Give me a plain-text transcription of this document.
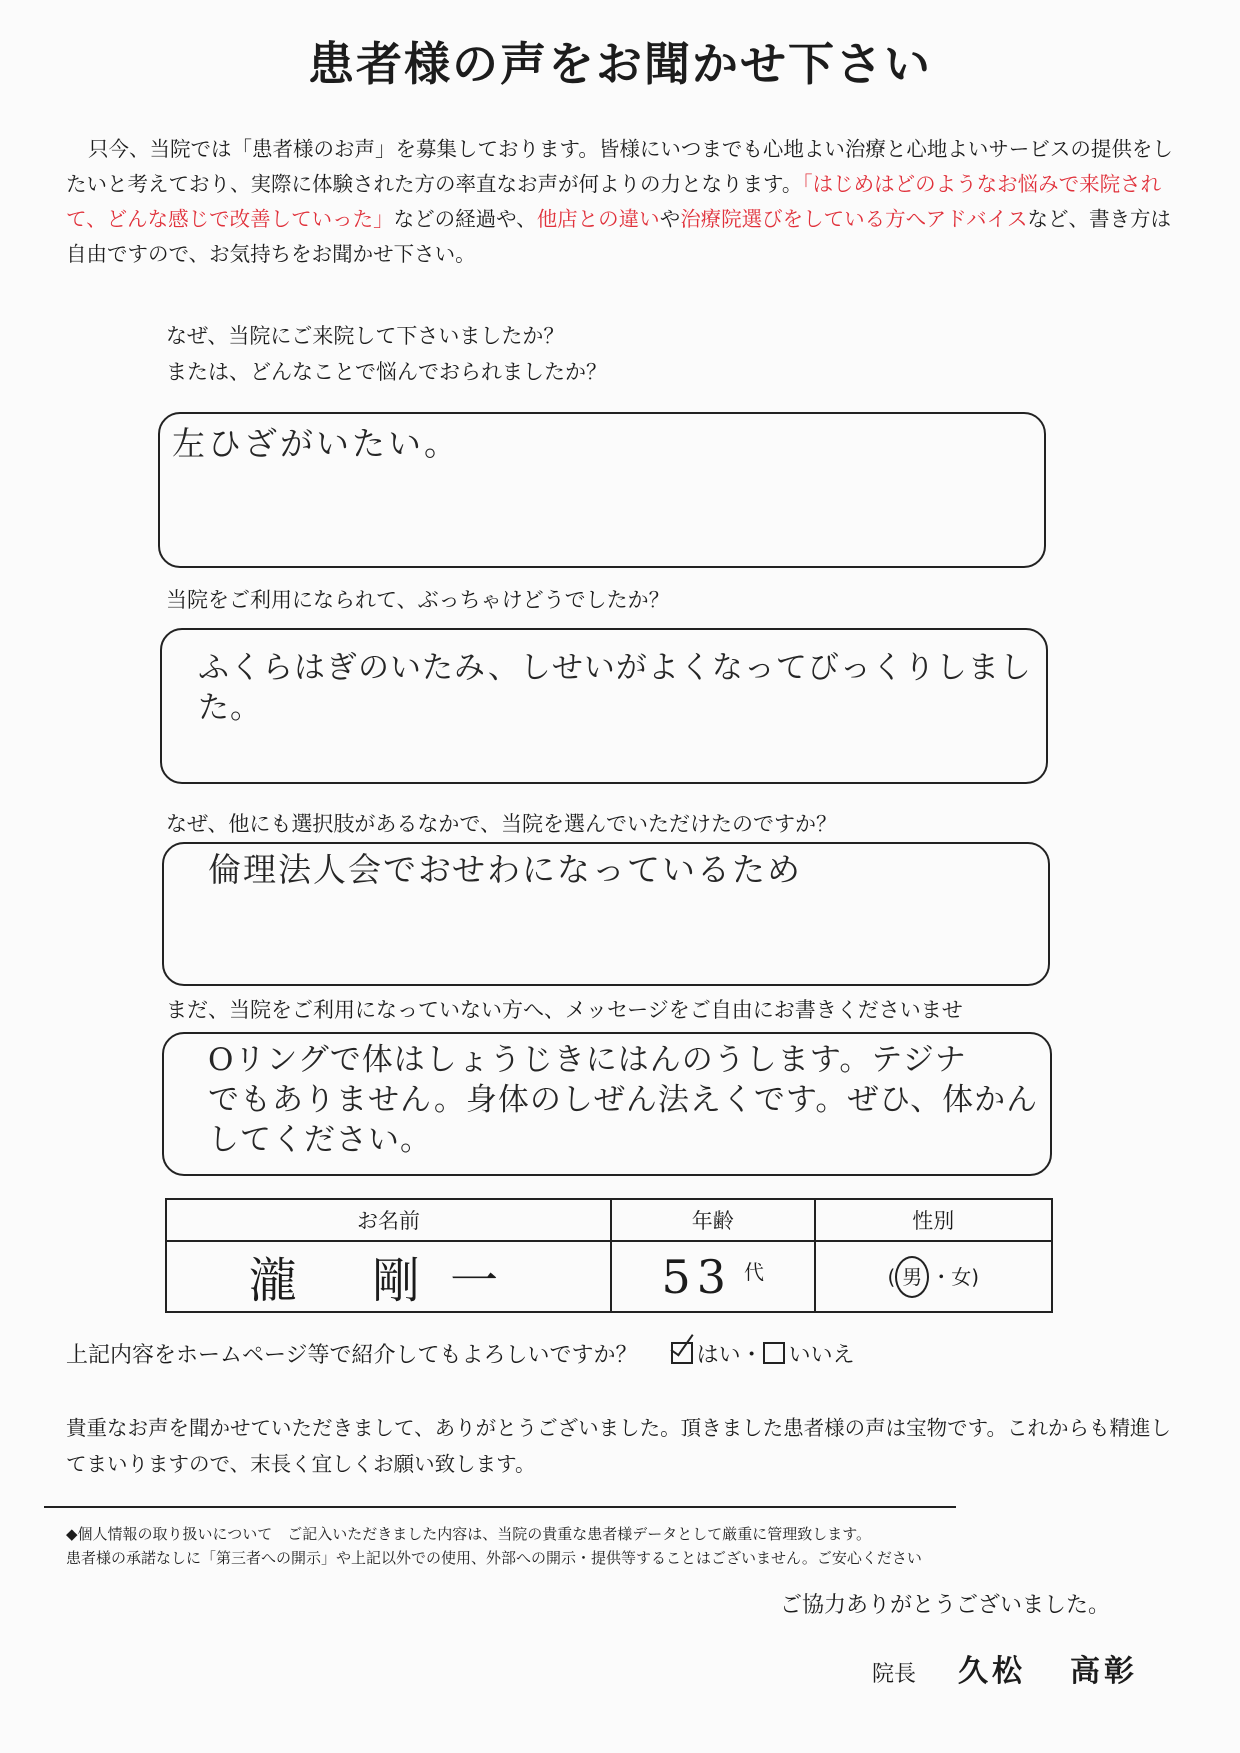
患者様の声をお聞かせ下さい
只今、当院では「患者様のお声」を募集しております。皆様にいつまでも心地よい治療と心地よいサービスの提供をしたいと考えており、実際に体験された方の率直なお声が何よりの力となります。「はじめはどのようなお悩みで来院されて、どんな感じで改善していった」などの経過や、他店との違いや治療院選びをしている方へアドバイスなど、書き方は自由ですので、お気持ちをお聞かせ下さい。
なぜ、当院にご来院して下さいましたか？
または、どんなことで悩んでおられましたか？
左ひざがいたい。
当院をご利用になられて、ぶっちゃけどうでしたか？
ふくらはぎのいたみ、しせいがよくなってびっくりしました。
なぜ、他にも選択肢があるなかで、当院を選んでいただけたのですか？
倫理法人会でおせわになっているため
まだ、当院をご利用になっていない方へ、メッセージをご自由にお書きくださいませ
Oリングで体はしょうじきにはんのうします。テジナ
でもありません。身体のしぜん法えくです。ぜひ、体かん
してください。
お名前	年齢	性別
瀧 剛一	53 代	( 男 ・女)
上記内容をホームページ等で紹介してもよろしいですか？	はい・ いいえ
貴重なお声を聞かせていただきまして、ありがとうございました。頂きました患者様の声は宝物です。これからも精進してまいりますので、末長く宜しくお願い致します。
◆個人情報の取り扱いについて　ご記入いただきました内容は、当院の貴重な患者様データとして厳重に管理致します。
患者様の承諾なしに「第三者への開示」や上記以外での使用、外部への開示・提供等することはございません。ご安心ください
ご協力ありがとうございました。
院長 久松 高彰
